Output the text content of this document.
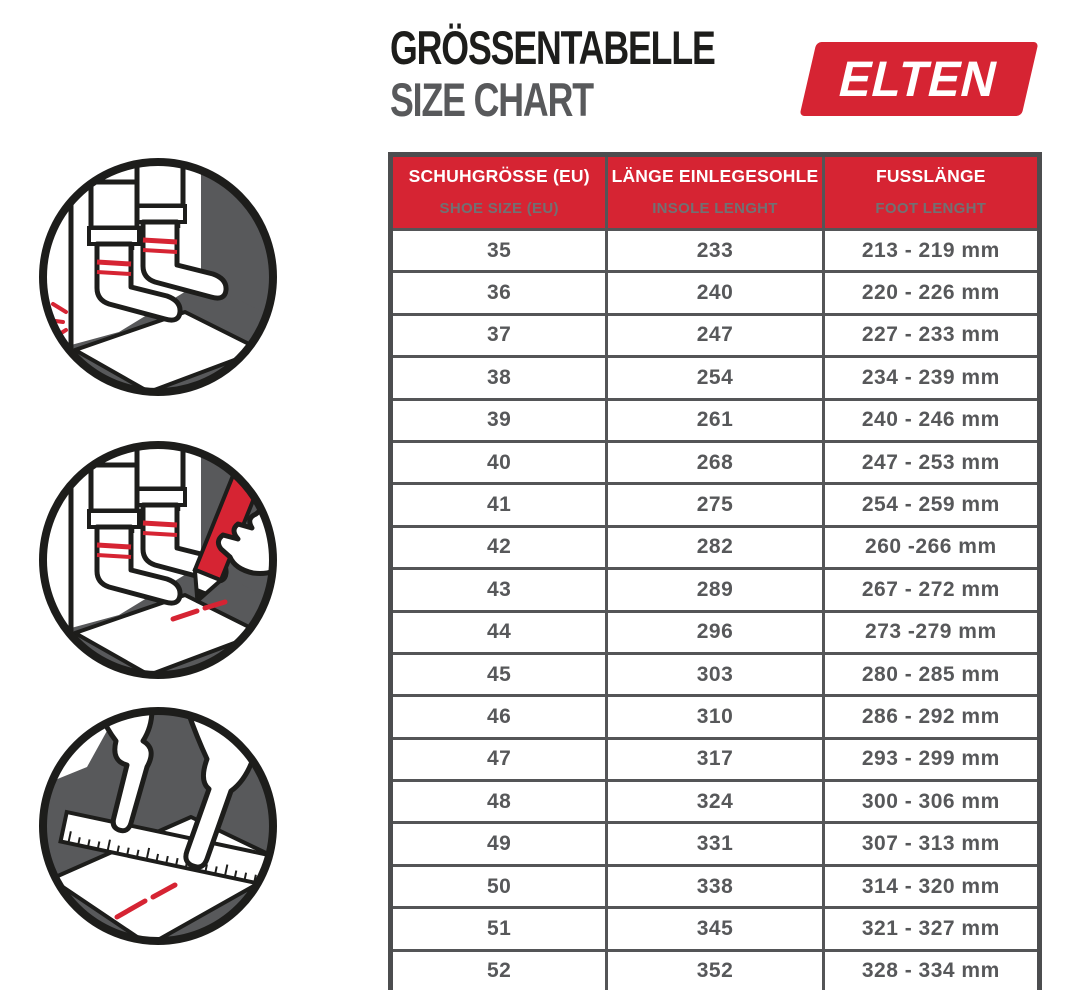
GRÖSSENTABELLE
SIZE CHART	ELTEN
SCHUHGRÖSSE (EU)
SHOE SIZE (EU)

LÄNGE EINLEGESOHLE
INSOLE LENGHT

FUSSLÄNGE
FOOT LENGHT

35	233	213 - 219 mm
36	240	220 - 226 mm
37	247	227 - 233 mm
38	254	234 - 239 mm
39	261	240 - 246 mm
40	268	247 - 253 mm
41	275	254 - 259 mm
42	282	260 -266 mm
43	289	267 - 272 mm
44	296	273 -279 mm
45	303	280 - 285 mm
46	310	286 - 292 mm
47	317	293 - 299 mm
48	324	300 - 306 mm
49	331	307 - 313 mm
50	338	314 - 320 mm
51	345	321 - 327 mm
52	352	328 - 334 mm
